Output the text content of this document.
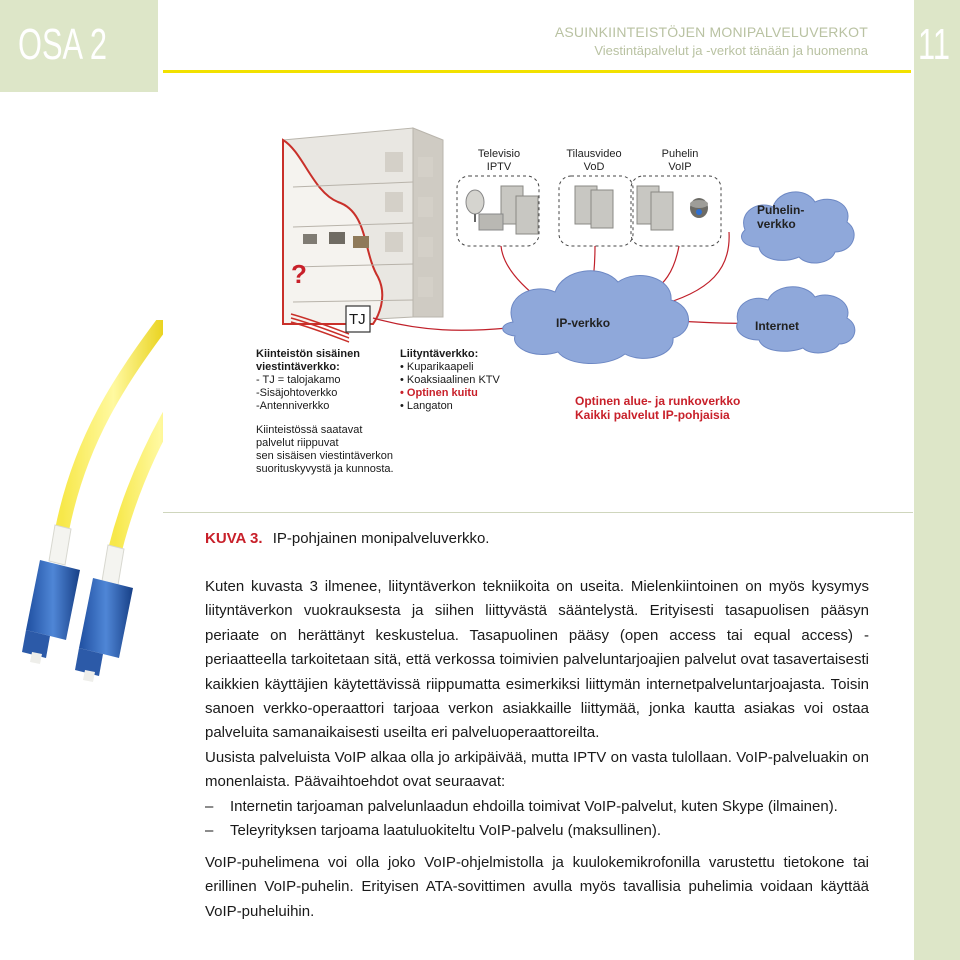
OSA 2	11
ASUINKIINTEISTÖJEN MONIPALVELUVERKOT
Viestintäpalvelut ja -verkot tänään ja huomenna
?
TJ
Televisio
IPTV
Tilausvideo
VoD
Puhelin
VoIP
Puhelin-
verkko
IP-verkko	Internet
Kiinteistön sisäinen
viestintäverkko:
- TJ = talojakamo
-Sisäjohtoverkko
-Antenniverkko
Kiinteistössä saatavat
palvelut riippuvat
sen sisäisen viestintäverkon
suorituskyvystä ja kunnosta.
Liityntäverkko:
• Kuparikaapeli
• Koaksiaalinen KTV
• Optinen kuitu
• Langaton	Optinen alue- ja runkoverkko
Kaikki palvelut IP-pohjaisia
KUVA 3. IP-pohjainen monipalveluverkko.
Kuten kuvasta 3 ilmenee, liityntäverkon tekniikoita on useita. Mielenkiintoinen on myös kysymys liityntäverkon vuokrauksesta ja siihen liittyvästä sääntelystä. Erityisesti tasapuolisen pääsyn periaate on herättänyt keskustelua. Tasapuolinen pääsy (open access tai equal access) -periaatteella tarkoitetaan sitä, että verkossa toimivien palveluntarjoajien palvelut ovat tasavertaisesti kaikkien käyttäjien käytettävissä riippumatta esimerkiksi liittymän internetpalveluntarjoajasta. Toisin sanoen verkko-operaattori tarjoaa verkon asiakkaille liittymää, jonka kautta asiakas voi ostaa palveluita samanaikaisesti useilta eri palveluoperaattoreilta.
Uusista palveluista VoIP alkaa olla jo arkipäivää, mutta IPTV on vasta tulollaan. VoIP-palveluakin on monenlaista. Päävaihtoehdot ovat seuraavat:
–	Internetin tarjoaman palvelunlaadun ehdoilla toimivat VoIP-palvelut, kuten Skype (ilmainen).
–	Teleyrityksen tarjoama laatuluokiteltu VoIP-palvelu (maksullinen).
VoIP-puhelimena voi olla joko VoIP-ohjelmistolla ja kuulokemikrofonilla varustettu tietokone tai erillinen VoIP-puhelin. Erityisen ATA-sovittimen avulla myös tavallisia puhelimia voidaan käyttää VoIP-puheluihin.
